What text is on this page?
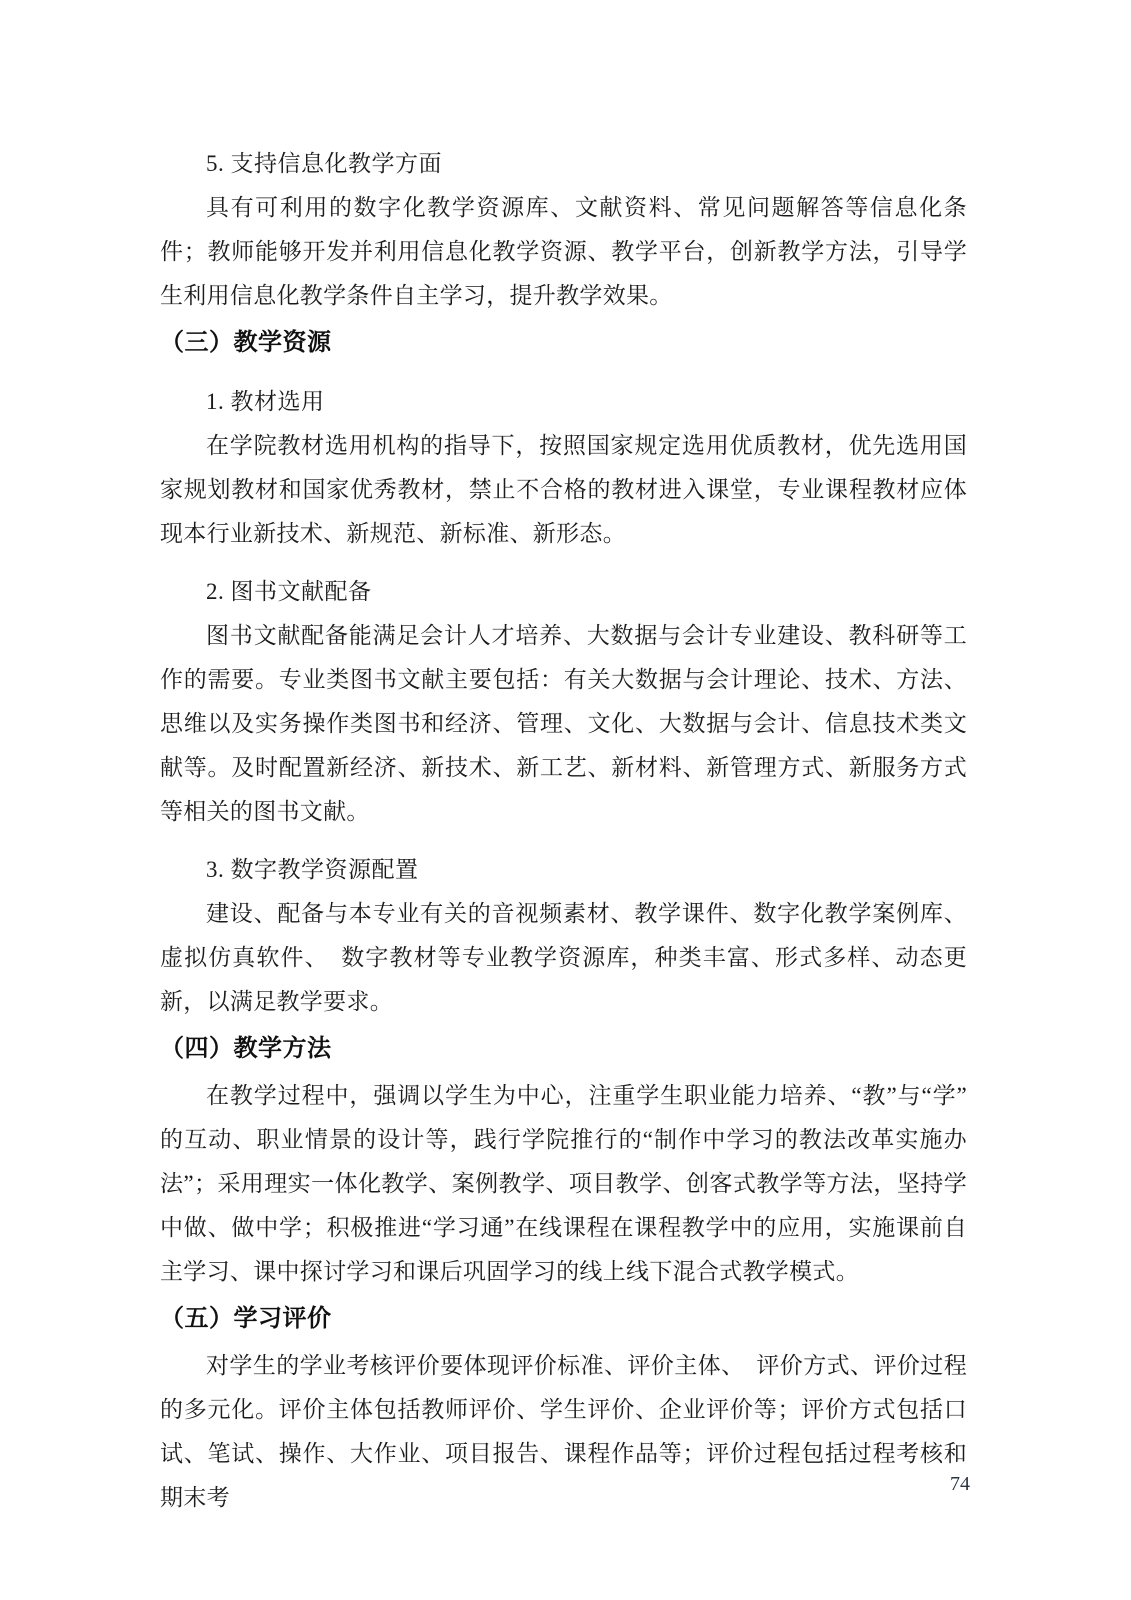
5. 支持信息化教学方面

具有可利用的数字化教学资源库、文献资料、常见问题解答等信息化条件；教师能够开发并利用信息化教学资源、教学平台，创新教学方法，引导学生利用信息化教学条件自主学习，提升教学效果。

（三）教学资源
1. 教材选用

在学院教材选用机构的指导下，按照国家规定选用优质教材，优先选用国家规划教材和国家优秀教材，禁止不合格的教材进入课堂，专业课程教材应体现本行业新技术、新规范、新标准、新形态。

2. 图书文献配备

图书文献配备能满足会计人才培养、大数据与会计专业建设、教科研等工作的需要。专业类图书文献主要包括：有关大数据与会计理论、技术、方法、思维以及实务操作类图书和经济、管理、文化、大数据与会计、信息技术类文献等。及时配置新经济、新技术、新工艺、新材料、新管理方式、新服务方式等相关的图书文献。

3. 数字教学资源配置

建设、配备与本专业有关的音视频素材、教学课件、数字化教学案例库、虚拟仿真软件、　数字教材等专业教学资源库，种类丰富、形式多样、动态更新，以满足教学要求。

（四）教学方法

在教学过程中，强调以学生为中心，注重学生职业能力培养、“教”与“学”的互动、职业情景的设计等，践行学院推行的“制作中学习的教法改革实施办法”；采用理实一体化教学、案例教学、项目教学、创客式教学等方法，坚持学中做、做中学；积极推进“学习通”在线课程在课程教学中的应用，实施课前自主学习、课中探讨学习和课后巩固学习的线上线下混合式教学模式。

（五）学习评价

对学生的学业考核评价要体现评价标准、评价主体、　评价方式、评价过程的多元化。评价主体包括教师评价、学生评价、企业评价等；评价方式包括口试、笔试、操作、大作业、项目报告、课程作品等；评价过程包括过程考核和期末考

74
